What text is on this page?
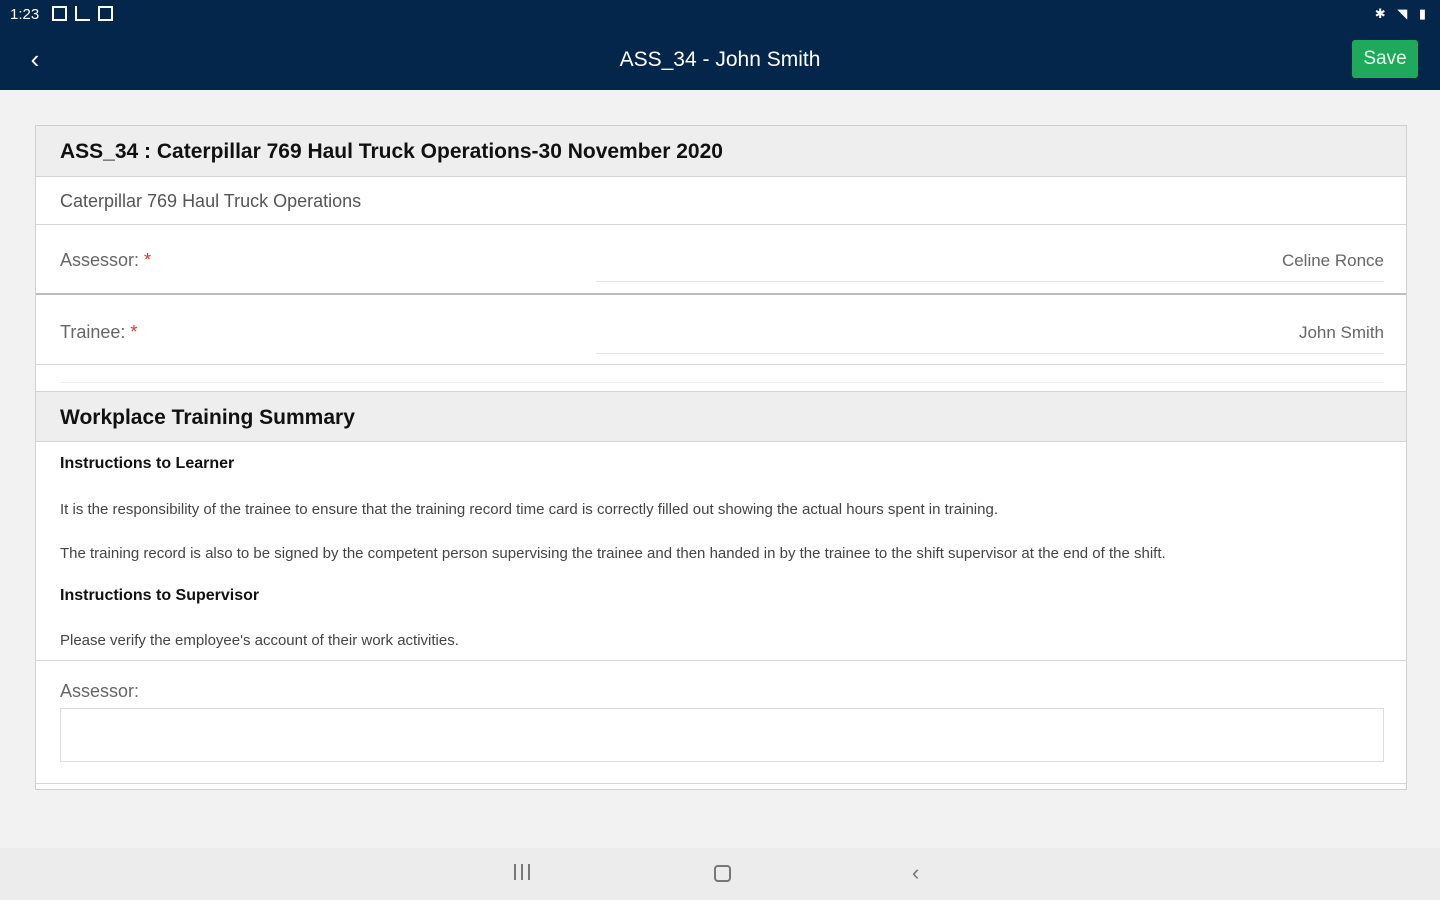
1:23	✱ ◥ ▮
‹	ASS_34 - John Smith	Save
ASS_34 : Caterpillar 769 Haul Truck Operations-30 November 2020
Caterpillar 769 Haul Truck Operations
Assessor: *	Celine Ronce
Trainee: *	John Smith
Workplace Training Summary
Instructions to Learner
It is the responsibility of the trainee to ensure that the training record time card is correctly filled out showing the actual hours spent in training.
The training record is also to be signed by the competent person supervising the trainee and then handed in by the trainee to the shift supervisor at the end of the shift.
Instructions to Supervisor
Please verify the employee's account of their work activities.
Assessor:
‹
